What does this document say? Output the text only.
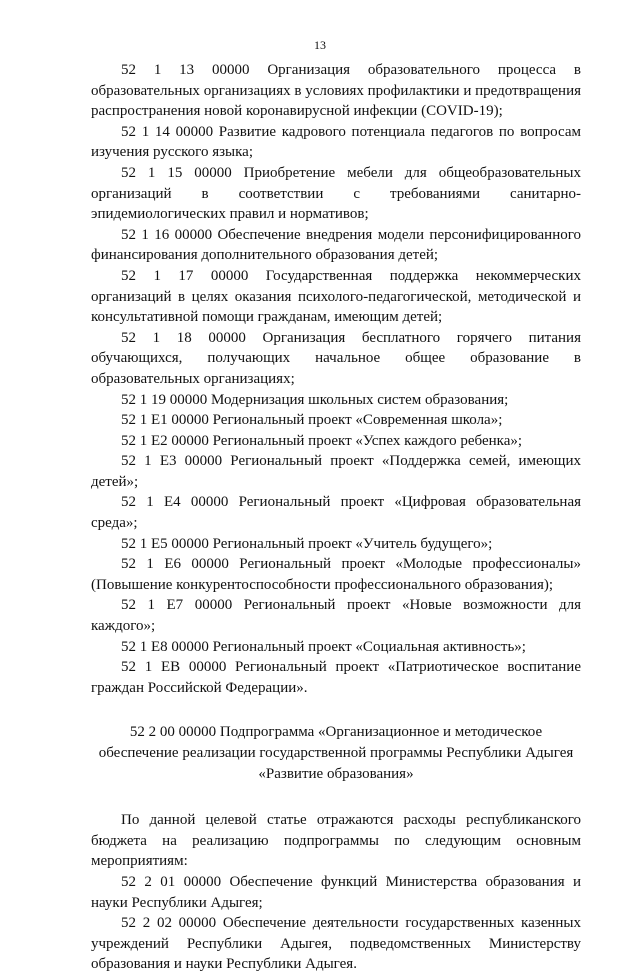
13

52 1 13 00000 Организация образовательного процесса в образовательных организациях в условиях профилактики и предотвращения распространения новой коронавирусной инфекции (COVID-19);

52 1 14 00000 Развитие кадрового потенциала педагогов по вопросам изучения русского языка;

52 1 15 00000 Приобретение мебели для общеобразовательных организаций в соответствии с требованиями санитарно-эпидемиологических правил и нормативов;

52 1 16 00000 Обеспечение внедрения модели персонифицированного финансирования дополнительного образования детей;

52 1 17 00000 Государственная поддержка некоммерческих организаций в целях оказания психолого-педагогической, методической и консультативной помощи гражданам, имеющим детей;

52 1 18 00000 Организация бесплатного горячего питания обучающихся, получающих начальное общее образование в образовательных организациях;

52 1 19 00000 Модернизация школьных систем образования;

52 1 E1 00000 Региональный проект «Современная школа»;

52 1 E2 00000 Региональный проект «Успех каждого ребенка»;

52 1 E3 00000 Региональный проект «Поддержка семей, имеющих детей»;

52 1 E4 00000 Региональный проект «Цифровая образовательная среда»;

52 1 E5 00000 Региональный проект «Учитель будущего»;

52 1 E6 00000 Региональный проект «Молодые профессионалы» (Повышение конкурентоспособности профессионального образования);

52 1 E7 00000 Региональный проект «Новые возможности для каждого»;

52 1 E8 00000 Региональный проект «Социальная активность»;

52 1 EB 00000 Региональный проект «Патриотическое воспитание граждан Российской Федерации».

52 2 00 00000 Подпрограмма «Организационное и методическое
обеспечение реализации государственной программы Республики Адыгея
«Развитие образования»

По данной целевой статье отражаются расходы республиканского бюджета на реализацию подпрограммы по следующим основным мероприятиям:

52 2 01 00000 Обеспечение функций Министерства образования и науки Республики Адыгея;

52 2 02 00000 Обеспечение деятельности государственных казенных учреждений Республики Адыгея, подведомственных Министерству образования и науки Республики Адыгея.
